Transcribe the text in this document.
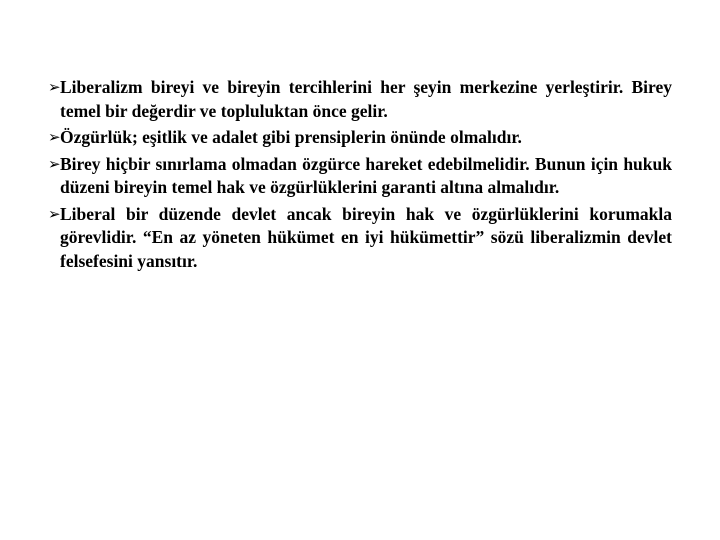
➢ Liberalizm bireyi ve bireyin tercihlerini her şeyin merkezine yerleştirir. Birey temel bir değerdir ve topluluktan önce gelir.
➢ Özgürlük; eşitlik ve adalet gibi prensiplerin önünde olmalıdır.
➢ Birey hiçbir sınırlama olmadan özgürce hareket edebilmelidir. Bunun için hukuk düzeni bireyin temel hak ve özgürlüklerini garanti altına almalıdır.
➢ Liberal bir düzende devlet ancak bireyin hak ve özgürlüklerini korumakla görevlidir. “En az yöneten hükümet en iyi hükümettir” sözü liberalizmin devlet felsefesini yansıtır.
